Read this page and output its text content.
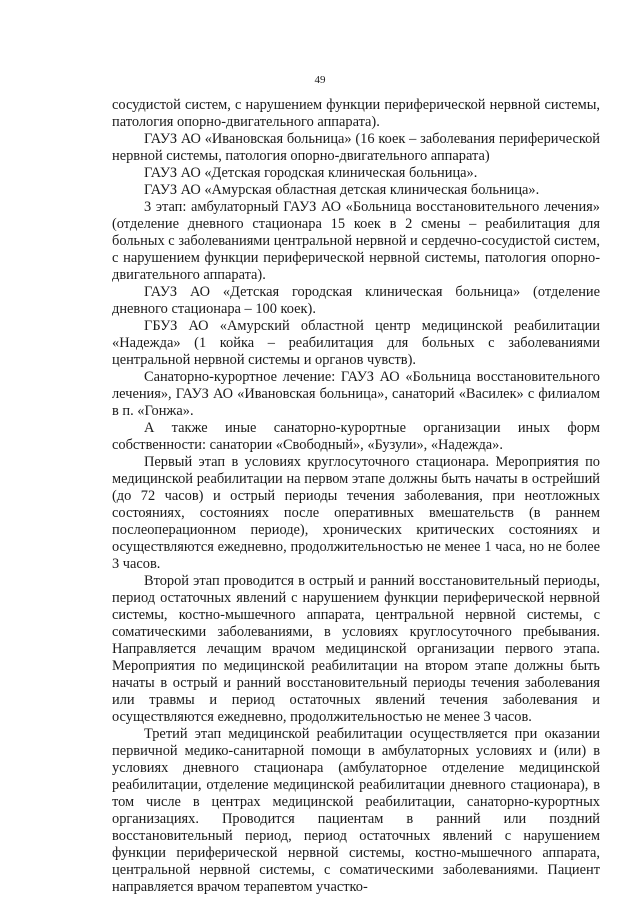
49

сосудистой систем, с нарушением функции периферической нервной системы, патология опорно-двигательного аппарата).

ГАУЗ АО «Ивановская больница» (16 коек – заболевания периферической нервной системы, патология опорно-двигательного аппарата)

ГАУЗ АО «Детская городская клиническая больница».

ГАУЗ АО «Амурская областная детская клиническая больница».

3 этап: амбулаторный ГАУЗ АО «Больница восстановительного лечения» (отделение дневного стационара 15 коек в 2 смены – реабилитация для больных с заболеваниями центральной нервной и сердечно-сосудистой систем, с нарушением функции периферической нервной системы, патология опорно-двигательного аппарата).

ГАУЗ АО «Детская городская клиническая больница» (отделение дневного стационара – 100 коек).

ГБУЗ АО «Амурский областной центр медицинской реабилитации «Надежда» (1 койка – реабилитация для больных с заболеваниями центральной нервной системы и органов чувств).

Санаторно-курортное лечение: ГАУЗ АО «Больница восстановительного лечения», ГАУЗ АО «Ивановская больница», санаторий «Василек» с филиалом в п. «Гонжа».

А также иные санаторно-курортные организации иных форм собственности: санатории «Свободный», «Бузули», «Надежда».

Первый этап в условиях круглосуточного стационара. Мероприятия по медицинской реабилитации на первом этапе должны быть начаты в острейший (до 72 часов) и острый периоды течения заболевания, при неотложных состояниях, состояниях после оперативных вмешательств (в раннем послеоперационном периоде), хронических критических состояниях и осуществляются ежедневно, продолжительностью не менее 1 часа, но не более 3 часов.

Второй этап проводится в острый и ранний восстановительный периоды, период остаточных явлений с нарушением функции периферической нервной системы, костно-мышечного аппарата, центральной нервной системы, с соматическими заболеваниями, в условиях круглосуточного пребывания. Направляется лечащим врачом медицинской организации первого этапа. Мероприятия по медицинской реабилитации на втором этапе должны быть начаты в острый и ранний восстановительный периоды течения заболевания или травмы и период остаточных явлений течения заболевания и осуществляются ежедневно, продолжительностью не менее 3 часов.

Третий этап медицинской реабилитации осуществляется при оказании первичной медико-санитарной помощи в амбулаторных условиях и (или) в условиях дневного стационара (амбулаторное отделение медицинской реабилитации, отделение медицинской реабилитации дневного стационара), в том числе в центрах медицинской реабилитации, санаторно-курортных организациях. Проводится пациентам в ранний или поздний восстановительный период, период остаточных явлений с нарушением функции периферической нервной системы, костно-мышечного аппарата, центральной нервной системы, с соматическими заболеваниями. Пациент направляется врачом терапевтом участко-
